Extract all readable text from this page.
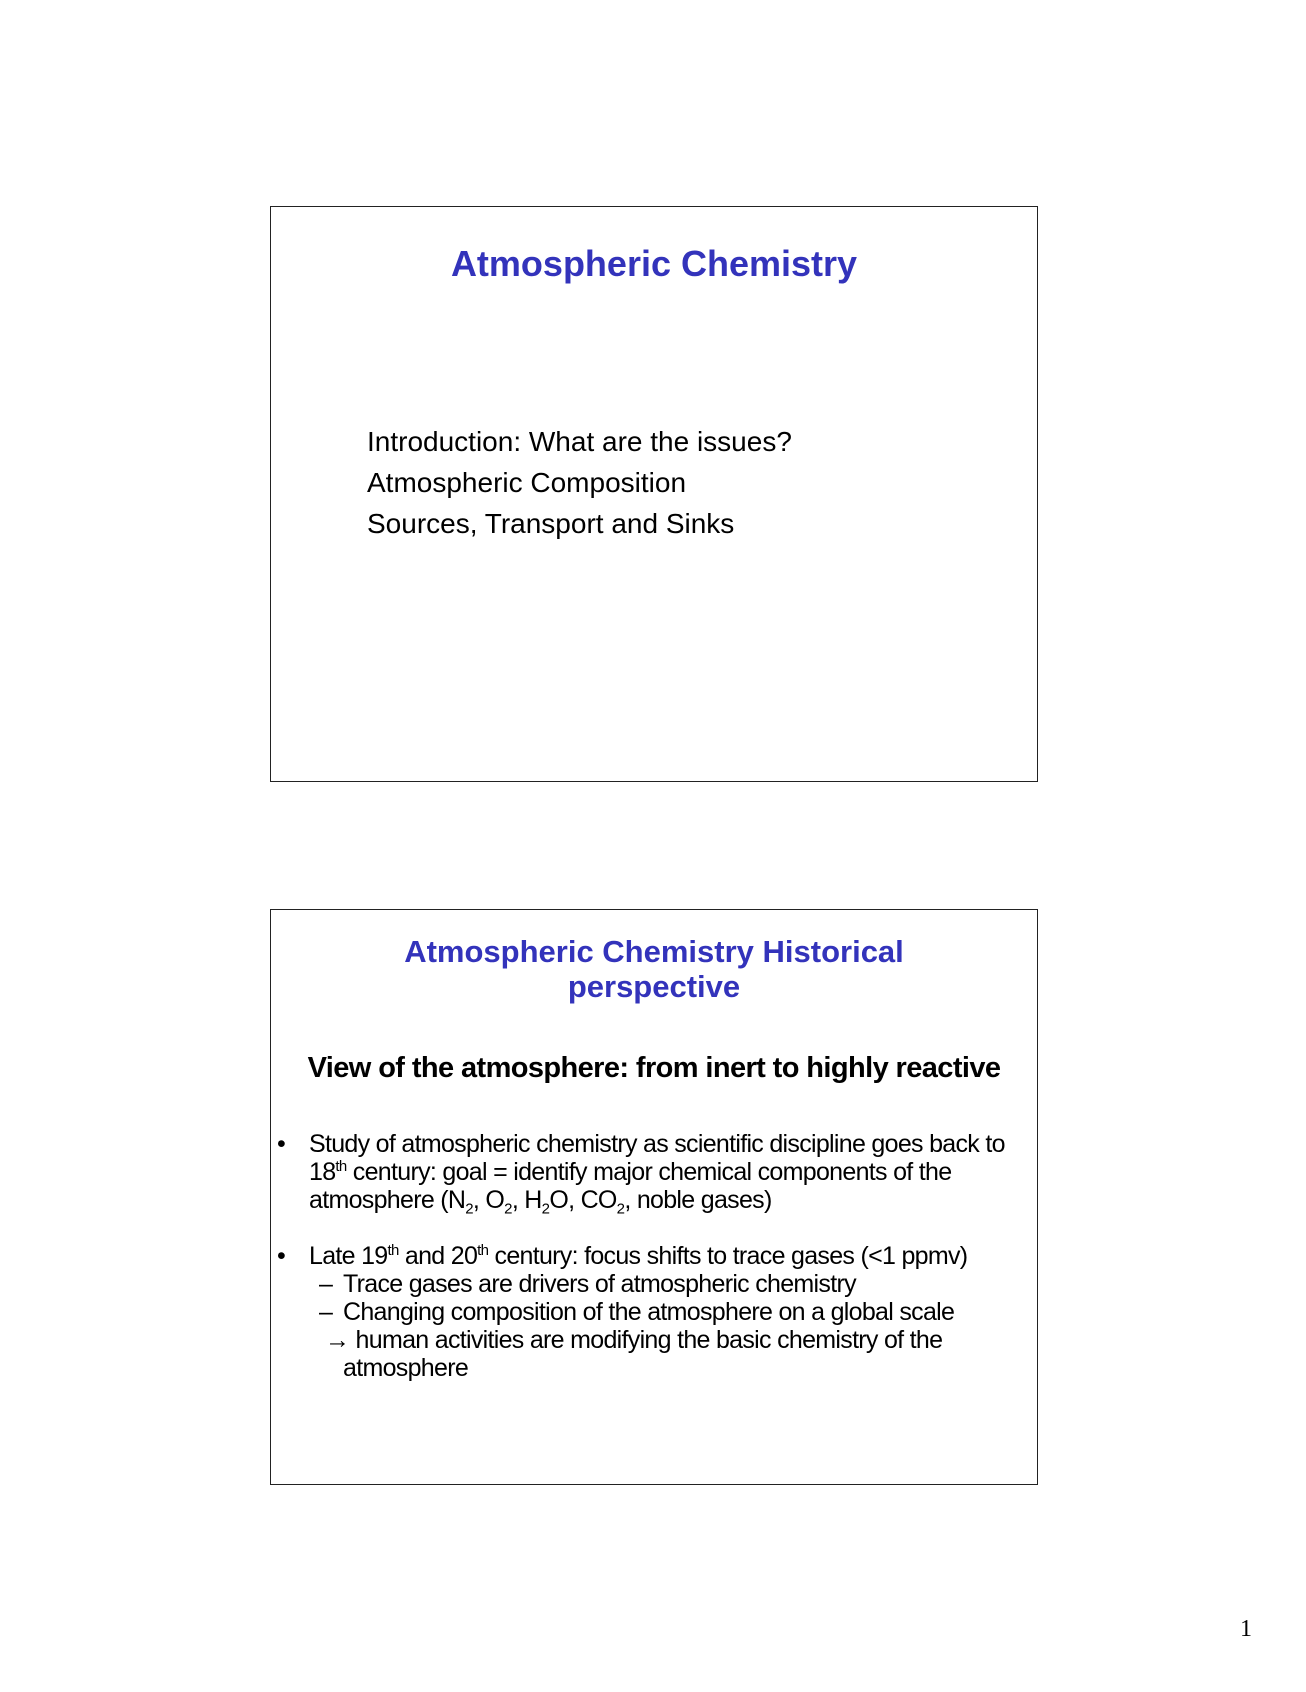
Atmospheric Chemistry
Introduction: What are the issues?
Atmospheric Composition
Sources, Transport and Sinks
Atmospheric Chemistry Historical
perspective
View of the atmosphere: from inert to highly reactive
• Study of atmospheric chemistry as scientific discipline goes back to 18th century: goal = identify major chemical components of the atmosphere ($N_2$, $O_2$, $H_2O$, $CO_2$, noble gases)
• Late 19th and 20th century: focus shifts to trace gases (<1 ppmv)
– Trace gases are drivers of atmospheric chemistry
– Changing composition of the atmosphere on a global scale
→ human activities are modifying the basic chemistry of the
atmosphere
1
